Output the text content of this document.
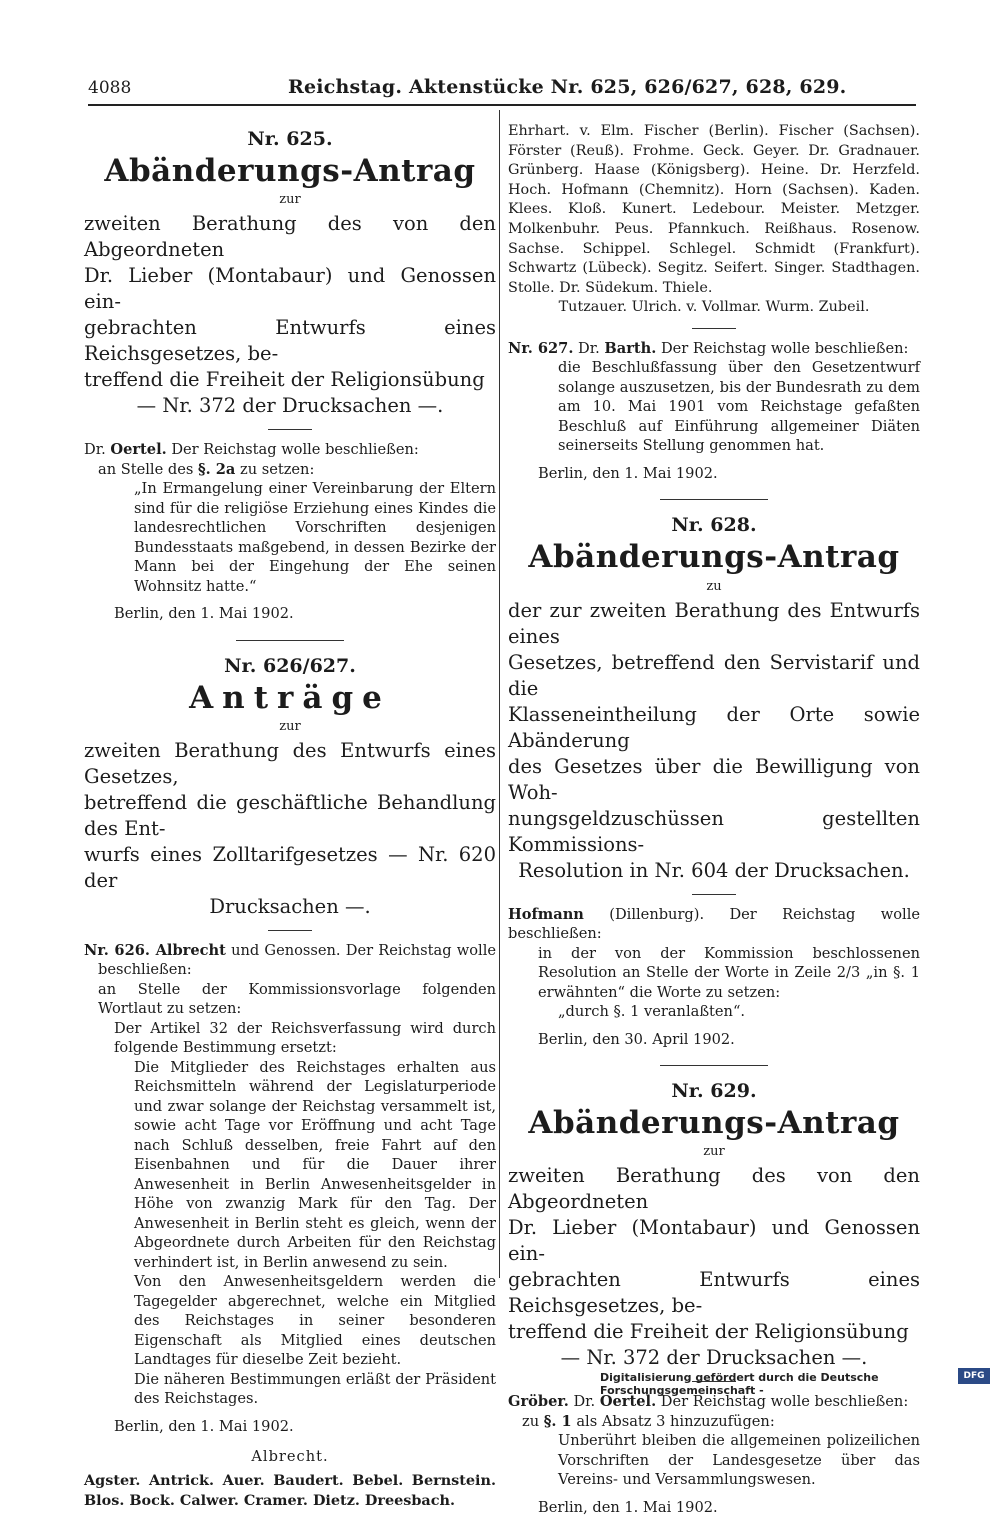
4088	Reichstag. Aktenstücke Nr. 625, 626/627, 628, 629.
Nr. 625.
Abänderungs-Antrag
zur
zweiten Berathung des von den Abgeordneten
Dr. Lieber (Montabaur) und Genossen ein-
gebrachten Entwurfs eines Reichsgesetzes, be-
treffend die Freiheit der Religionsübung
— Nr. 372 der Drucksachen —.

Dr. Oertel. Der Reichstag wolle beschließen:

an Stelle des §. 2a zu setzen:

„In Ermangelung einer Vereinbarung der Eltern sind für die religiöse Erziehung eines Kindes die landesrechtlichen Vorschriften desjenigen Bundesstaats maßgebend, in dessen Bezirke der Mann bei der Eingehung der Ehe seinen Wohnsitz hatte.“

Berlin, den 1. Mai 1902.
Nr. 626/627.
Anträge
zur
zweiten Berathung des Entwurfs eines Gesetzes,
betreffend die geschäftliche Behandlung des Ent-
wurfs eines Zolltarifgesetzes — Nr. 620 der
Drucksachen —.

Nr. 626. Albrecht und Genossen. Der Reichstag wolle beschließen:

an Stelle der Kommissionsvorlage folgenden Wortlaut zu setzen:

Der Artikel 32 der Reichsverfassung wird durch folgende Bestimmung ersetzt:

Die Mitglieder des Reichstages erhalten aus Reichsmitteln während der Legislaturperiode und zwar solange der Reichstag versammelt ist, sowie acht Tage vor Eröffnung und acht Tage nach Schluß desselben, freie Fahrt auf den Eisenbahnen und für die Dauer ihrer Anwesenheit in Berlin Anwesenheitsgelder in Höhe von zwanzig Mark für den Tag. Der Anwesenheit in Berlin steht es gleich, wenn der Abgeordnete durch Arbeiten für den Reichstag verhindert ist, in Berlin anwesend zu sein.

Von den Anwesenheitsgeldern werden die Tagegelder abgerechnet, welche ein Mitglied des Reichstages in seiner besonderen Eigenschaft als Mitglied eines deutschen Landtages für dieselbe Zeit bezieht.

Die näheren Bestimmungen erläßt der Präsident des Reichstages.

Berlin, den 1. Mai 1902.
Albrecht.
Agster. Antrick. Auer. Baudert. Bebel. Bernstein. Blos. Bock. Calwer. Cramer. Dietz. Dreesbach.
Ehrhart. v. Elm. Fischer (Berlin). Fischer (Sachsen). Förster (Reuß). Frohme. Geck. Geyer. Dr. Gradnauer. Grünberg. Haase (Königsberg). Heine. Dr. Herzfeld. Hoch. Hofmann (Chemnitz). Horn (Sachsen). Kaden. Klees. Kloß. Kunert. Ledebour. Meister. Metzger. Molkenbuhr. Peus. Pfannkuch. Reißhaus. Rosenow. Sachse. Schippel. Schlegel. Schmidt (Frankfurt). Schwartz (Lübeck). Segitz. Seifert. Singer. Stadthagen. Stolle. Dr. Südekum. Thiele.
Tutzauer. Ulrich. v. Vollmar. Wurm. Zubeil.

Nr. 627. Dr. Barth. Der Reichstag wolle beschließen:

die Beschlußfassung über den Gesetzentwurf solange auszusetzen, bis der Bundesrath zu dem am 10. Mai 1901 vom Reichstage gefaßten Beschluß auf Einführung allgemeiner Diäten seinerseits Stellung genommen hat.

Berlin, den 1. Mai 1902.
Nr. 628.
Abänderungs-Antrag
zu
der zur zweiten Berathung des Entwurfs eines
Gesetzes, betreffend den Servistarif und die
Klasseneintheilung der Orte sowie Abänderung
des Gesetzes über die Bewilligung von Woh-
nungsgeldzuschüssen gestellten Kommissions-
Resolution in Nr. 604 der Drucksachen.

Hofmann (Dillenburg). Der Reichstag wolle beschließen:

in der von der Kommission beschlossenen Resolution an Stelle der Worte in Zeile 2/3 „in §. 1 erwähnten“ die Worte zu setzen:

„durch §. 1 veranlaßten“.

Berlin, den 30. April 1902.
Nr. 629.
Abänderungs-Antrag
zur
zweiten Berathung des von den Abgeordneten
Dr. Lieber (Montabaur) und Genossen ein-
gebrachten Entwurfs eines Reichsgesetzes, be-
treffend die Freiheit der Religionsübung
— Nr. 372 der Drucksachen —.

Gröber. Dr. Oertel. Der Reichstag wolle beschließen:

zu §. 1 als Absatz 3 hinzuzufügen:

Unberührt bleiben die allgemeinen polizeilichen Vorschriften der Landesgesetze über das Vereins- und Versammlungswesen.

Berlin, den 1. Mai 1902.
Digitalisierung gefördert durch die Deutsche Forschungsgemeinschaft -
DFG
